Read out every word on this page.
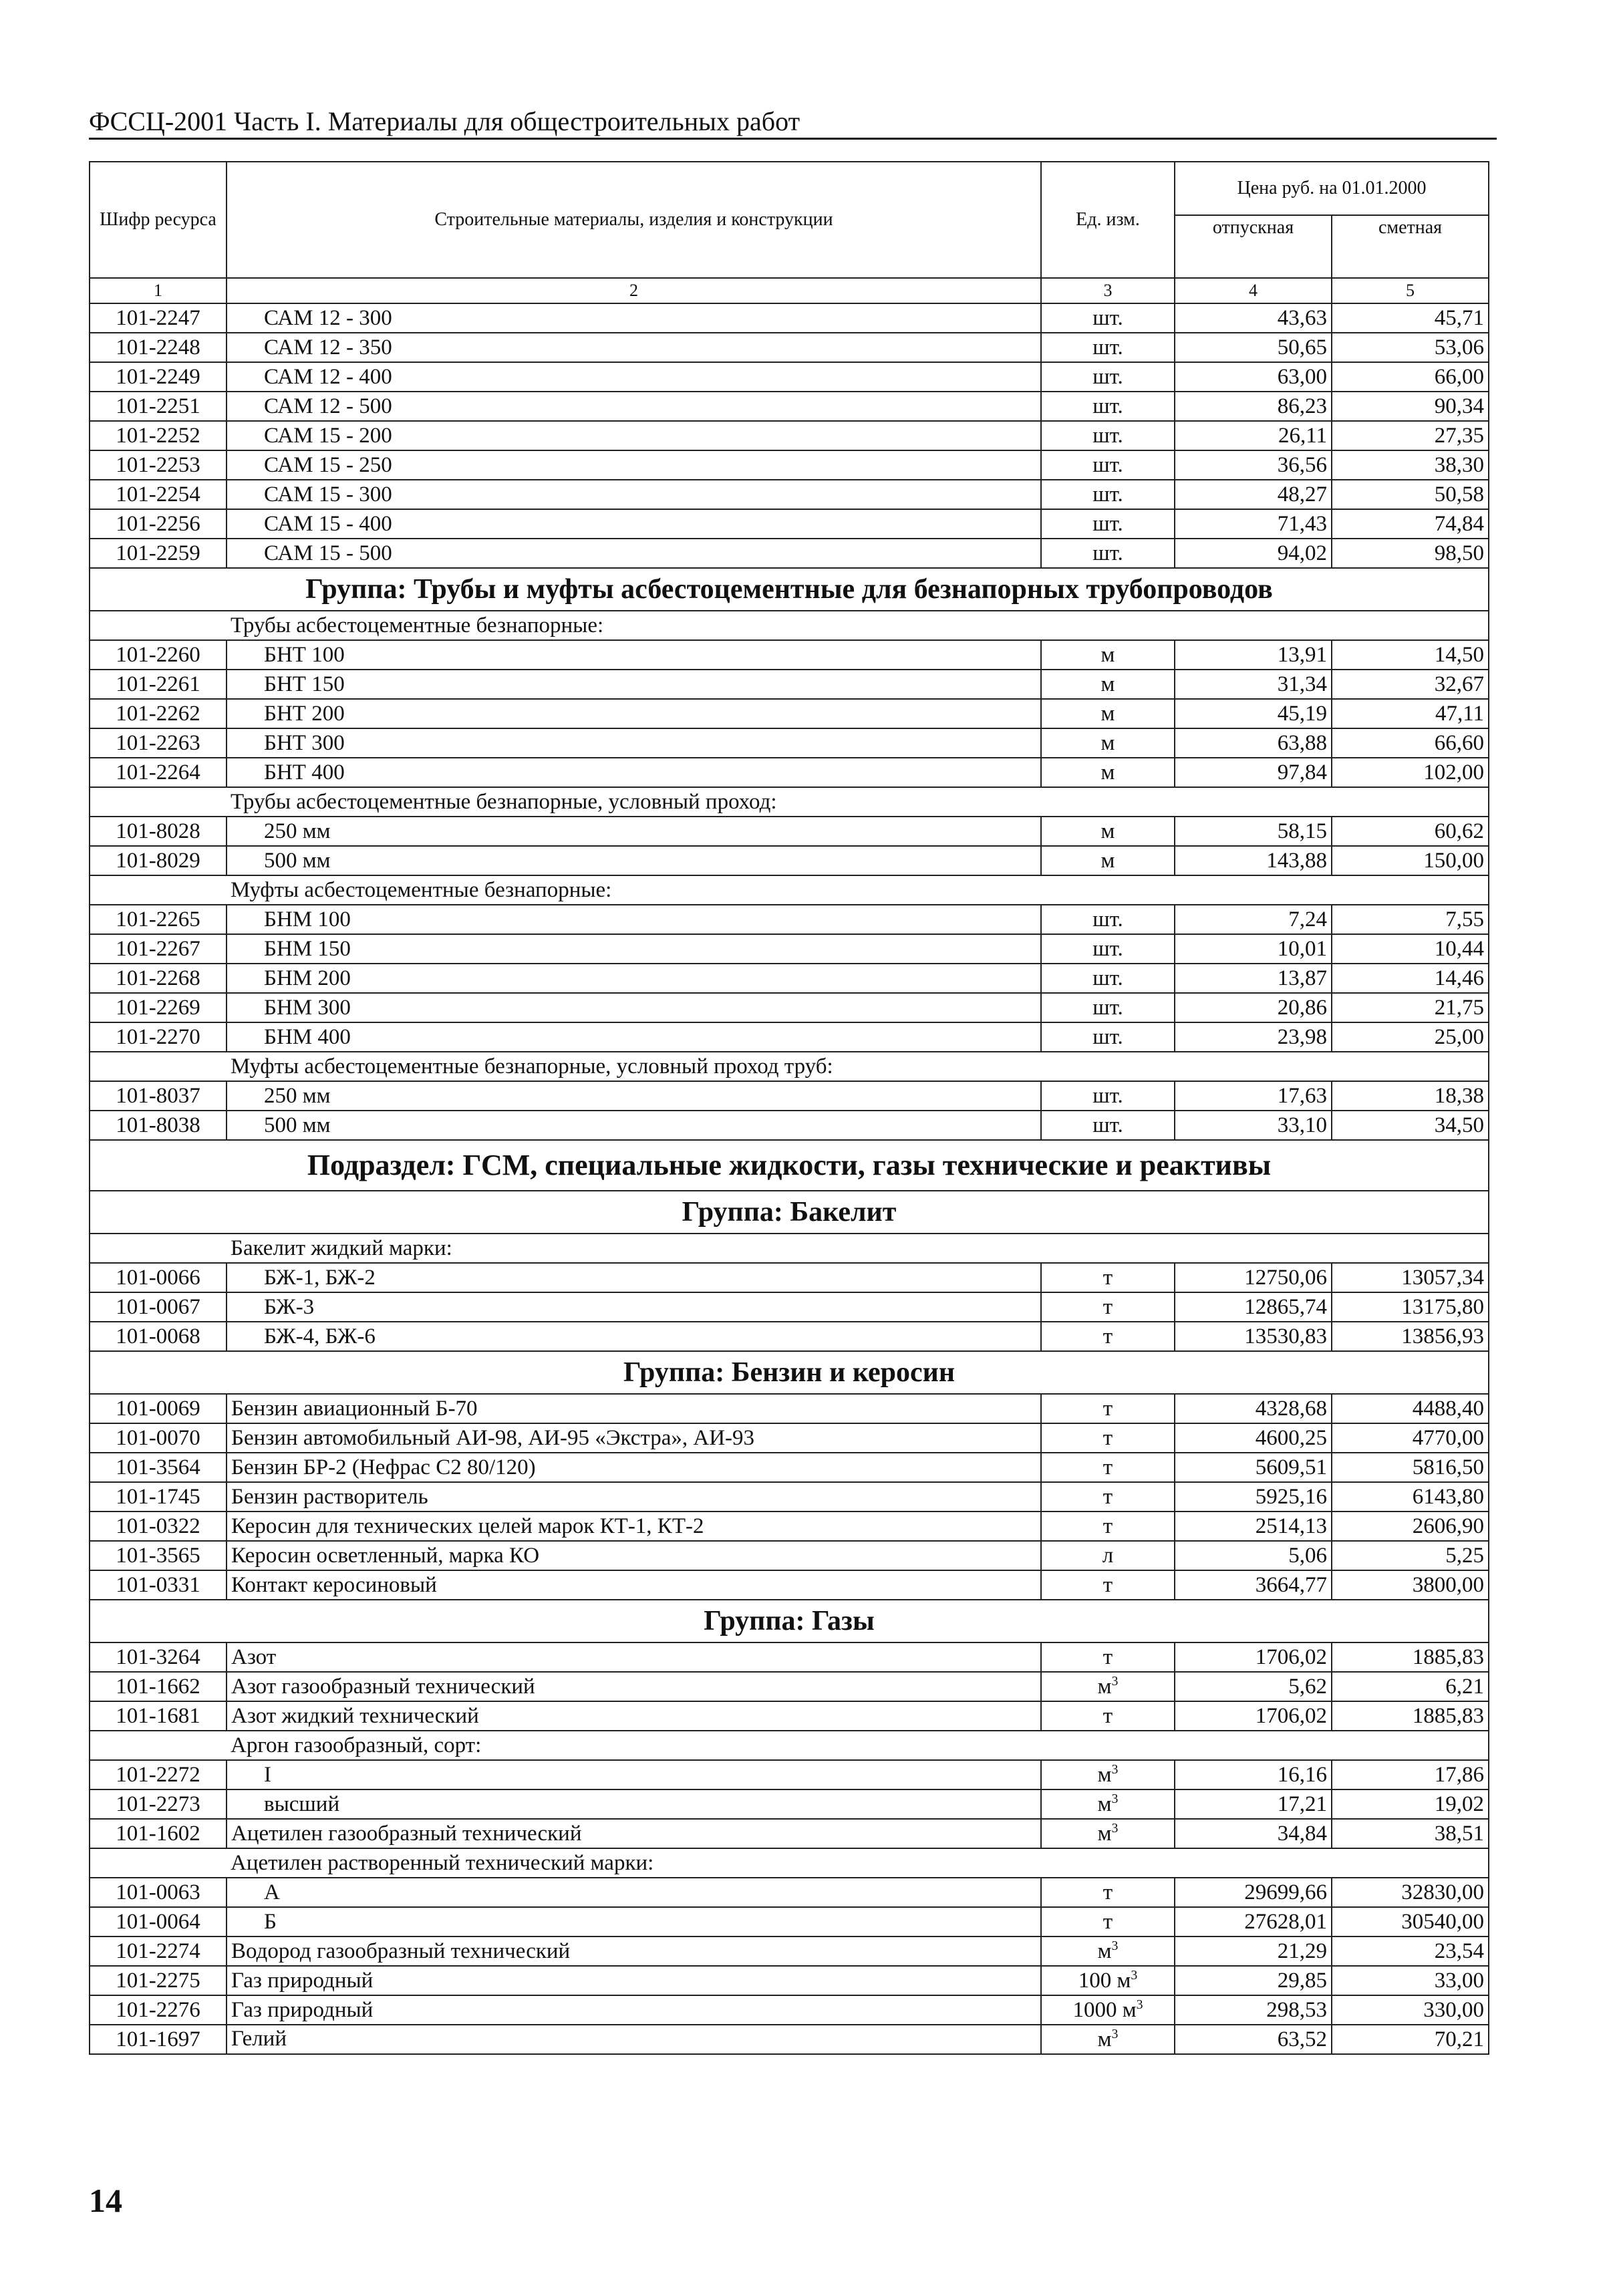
ФССЦ-2001 Часть I. Материалы для общестроительных работ
Шифр ресурса	Строительные материалы, изделия и конструкции	Ед. изм.	Цена руб. на 01.01.2000	
			отпускная	сметная
1	2	3	4	5
101-2247	САМ 12 - 300	шт.	43,63	45,71
101-2248	САМ 12 - 350	шт.	50,65	53,06
101-2249	САМ 12 - 400	шт.	63,00	66,00
101-2251	САМ 12 - 500	шт.	86,23	90,34
101-2252	САМ 15 - 200	шт.	26,11	27,35
101-2253	САМ 15 - 250	шт.	36,56	38,30
101-2254	САМ 15 - 300	шт.	48,27	50,58
101-2256	САМ 15 - 400	шт.	71,43	74,84
101-2259	САМ 15 - 500	шт.	94,02	98,50
Группа: Трубы и муфты асбестоцементные для безнапорных трубопроводов				
Трубы асбестоцементные безнапорные:				
101-2260	БНТ 100	м	13,91	14,50
101-2261	БНТ 150	м	31,34	32,67
101-2262	БНТ 200	м	45,19	47,11
101-2263	БНТ 300	м	63,88	66,60
101-2264	БНТ 400	м	97,84	102,00
Трубы асбестоцементные безнапорные, условный проход:				
101-8028	250 мм	м	58,15	60,62
101-8029	500 мм	м	143,88	150,00
Муфты асбестоцементные безнапорные:				
101-2265	БНМ 100	шт.	7,24	7,55
101-2267	БНМ 150	шт.	10,01	10,44
101-2268	БНМ 200	шт.	13,87	14,46
101-2269	БНМ 300	шт.	20,86	21,75
101-2270	БНМ 400	шт.	23,98	25,00
Муфты асбестоцементные безнапорные, условный проход труб:				
101-8037	250 мм	шт.	17,63	18,38
101-8038	500 мм	шт.	33,10	34,50
Подраздел: ГСМ, специальные жидкости, газы технические и реактивы				
Группа: Бакелит				
Бакелит жидкий марки:				
101-0066	БЖ-1, БЖ-2	т	12750,06	13057,34
101-0067	БЖ-3	т	12865,74	13175,80
101-0068	БЖ-4, БЖ-6	т	13530,83	13856,93
Группа: Бензин и керосин				
101-0069	Бензин авиационный Б-70	т	4328,68	4488,40
101-0070	Бензин автомобильный АИ-98, АИ-95 «Экстра», АИ-93	т	4600,25	4770,00
101-3564	Бензин БР-2 (Нефрас С2 80/120)	т	5609,51	5816,50
101-1745	Бензин растворитель	т	5925,16	6143,80
101-0322	Керосин для технических целей марок КТ-1, КТ-2	т	2514,13	2606,90
101-3565	Керосин осветленный, марка КО	л	5,06	5,25
101-0331	Контакт керосиновый	т	3664,77	3800,00
Группа: Газы				
101-3264	Азот	т	1706,02	1885,83
101-1662	Азот газообразный технический	$м^3$	5,62	6,21
101-1681	Азот жидкий технический	т	1706,02	1885,83
Аргон газообразный, сорт:				
101-2272	I	$м^3$	16,16	17,86
101-2273	высший	$м^3$	17,21	19,02
101-1602	Ацетилен газообразный технический	$м^3$	34,84	38,51
Ацетилен растворенный технический марки:				
101-0063	А	т	29699,66	32830,00
101-0064	Б	т	27628,01	30540,00
101-2274	Водород газообразный технический	$м^3$	21,29	23,54
101-2275	Газ природный	100 $м^3$	29,85	33,00
101-2276	Газ природный	1000 $м^3$	298,53	330,00
101-1697	Гелий	$м^3$	63,52	70,21
14
